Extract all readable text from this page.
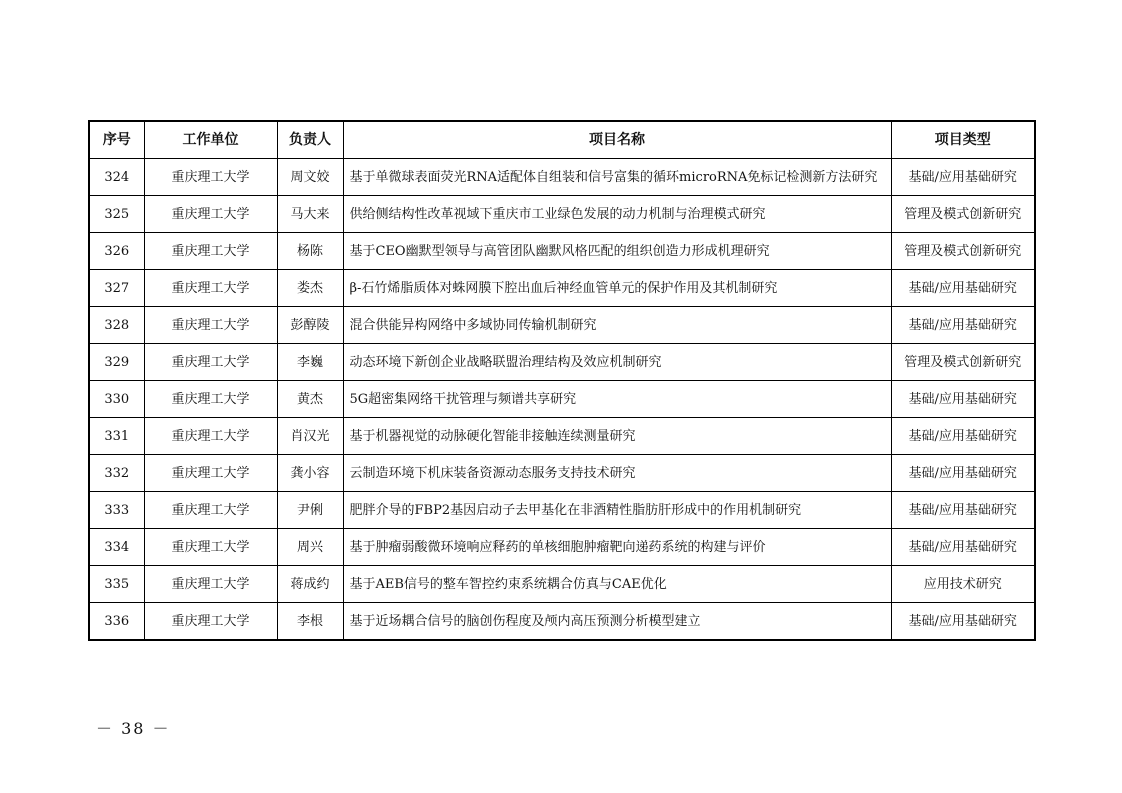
序号	工作单位	负责人	项目名称	项目类型
324	重庆理工大学	周文姣	基于单微球表面荧光RNA适配体自组装和信号富集的循环microRNA免标记检测新方法研究	基础/应用基础研究
325	重庆理工大学	马大来	供给侧结构性改革视域下重庆市工业绿色发展的动力机制与治理模式研究	管理及模式创新研究
326	重庆理工大学	杨陈	基于CEO幽默型领导与高管团队幽默风格匹配的组织创造力形成机理研究	管理及模式创新研究
327	重庆理工大学	娄杰	β-石竹烯脂质体对蛛网膜下腔出血后神经血管单元的保护作用及其机制研究	基础/应用基础研究
328	重庆理工大学	彭醇陵	混合供能异构网络中多域协同传输机制研究	基础/应用基础研究
329	重庆理工大学	李巍	动态环境下新创企业战略联盟治理结构及效应机制研究	管理及模式创新研究
330	重庆理工大学	黄杰	5G超密集网络干扰管理与频谱共享研究	基础/应用基础研究
331	重庆理工大学	肖汉光	基于机器视觉的动脉硬化智能非接触连续测量研究	基础/应用基础研究
332	重庆理工大学	龚小容	云制造环境下机床装备资源动态服务支持技术研究	基础/应用基础研究
333	重庆理工大学	尹俐	肥胖介导的FBP2基因启动子去甲基化在非酒精性脂肪肝形成中的作用机制研究	基础/应用基础研究
334	重庆理工大学	周兴	基于肿瘤弱酸微环境响应释药的单核细胞肿瘤靶向递药系统的构建与评价	基础/应用基础研究
335	重庆理工大学	蒋成约	基于AEB信号的整车智控约束系统耦合仿真与CAE优化	应用技术研究
336	重庆理工大学	李根	基于近场耦合信号的脑创伤程度及颅内高压预测分析模型建立	基础/应用基础研究
－ 38 －
